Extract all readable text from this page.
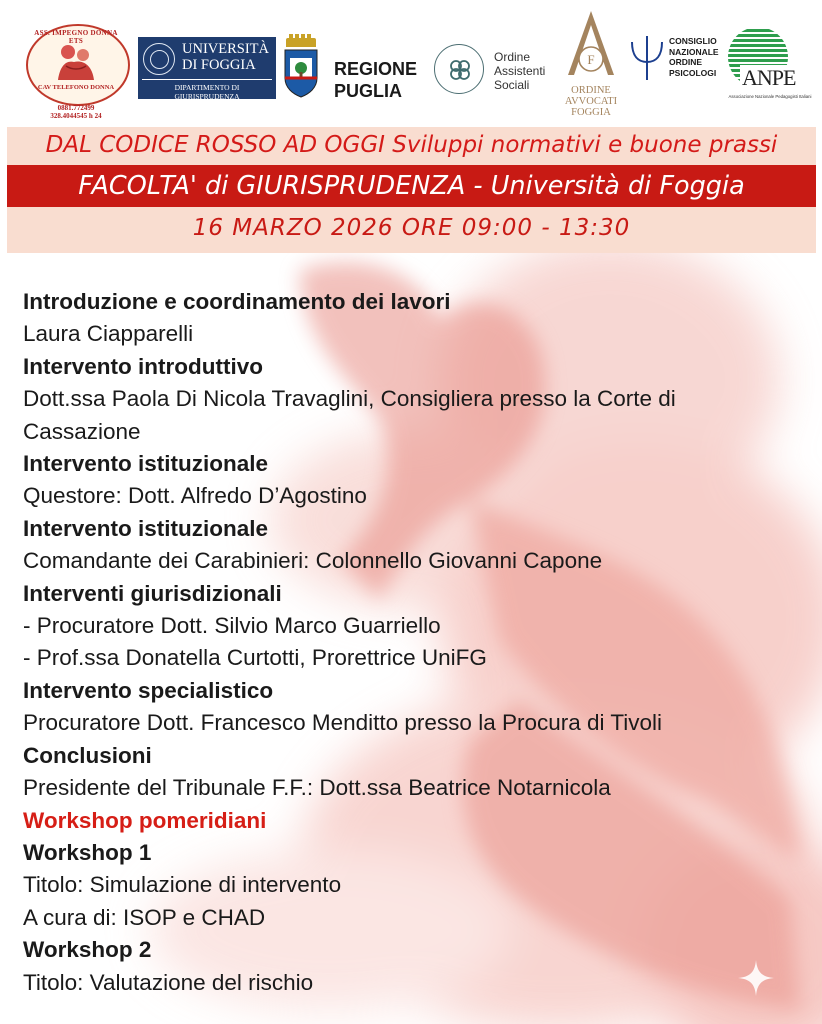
ASS. IMPEGNO DONNA ETS
CAV TELEFONO DONNA
0881.772499
328.4044545 h 24
UNIVERSITÀ
DI FOGGIA
DIPARTIMENTO DI GIURISPRUDENZA
REGIONE
PUGLIA
Ordine
Assistenti
Sociali
F
ORDINE
AVVOCATI
FOGGIA
CONSIGLIO
NAZIONALE
ORDINE
PSICOLOGI ANPE
Associazione Nazionale Pedagogisti Italiani
DAL CODICE ROSSO AD OGGI Sviluppi normativi e buone prassi
FACOLTA' di GIURISPRUDENZA - Università di Foggia
16 MARZO 2026 ORE 09:00 - 13:30
Introduzione e coordinamento dei lavori
Laura Ciapparelli
Intervento introduttivo
Dott.ssa Paola Di Nicola Travaglini, Consigliera presso la Corte di Cassazione
Intervento istituzionale
Questore: Dott. Alfredo D’Agostino
Intervento istituzionale
Comandante dei Carabinieri: Colonnello Giovanni Capone
Interventi giurisdizionali
- Procuratore Dott. Silvio Marco Guarriello
- Prof.ssa Donatella Curtotti, Prorettrice UniFG
Intervento specialistico
Procuratore Dott. Francesco Menditto presso la Procura di Tivoli
Conclusioni
Presidente del Tribunale F.F.: Dott.ssa Beatrice Notarnicola
Workshop pomeridiani
Workshop 1
Titolo: Simulazione di intervento
A cura di: ISOP e CHAD
Workshop 2
Titolo: Valutazione del rischio
